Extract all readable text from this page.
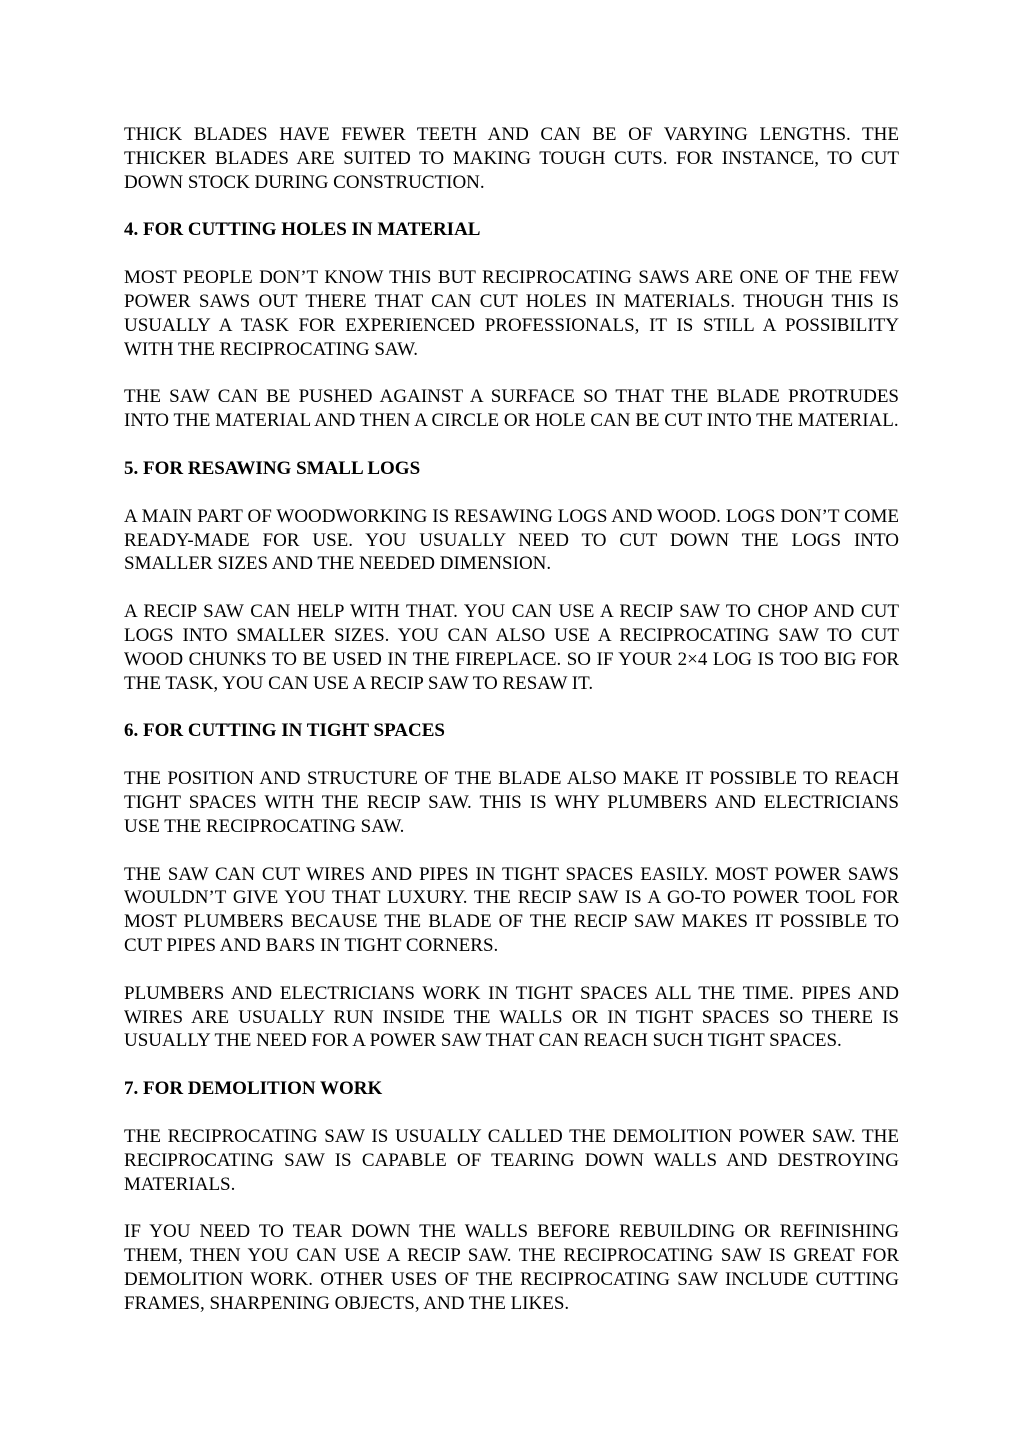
THICK BLADES HAVE FEWER TEETH AND CAN BE OF VARYING LENGTHS. THE THICKER BLADES ARE SUITED TO MAKING TOUGH CUTS. FOR INSTANCE, TO CUT DOWN STOCK DURING CONSTRUCTION.

4. FOR CUTTING HOLES IN MATERIAL

MOST PEOPLE DON’T KNOW THIS BUT RECIPROCATING SAWS ARE ONE OF THE FEW POWER SAWS OUT THERE THAT CAN CUT HOLES IN MATERIALS. THOUGH THIS IS USUALLY A TASK FOR EXPERIENCED PROFESSIONALS, IT IS STILL A POSSIBILITY WITH THE RECIPROCATING SAW.

THE SAW CAN BE PUSHED AGAINST A SURFACE SO THAT THE BLADE PROTRUDES INTO THE MATERIAL AND THEN A CIRCLE OR HOLE CAN BE CUT INTO THE MATERIAL.

5. FOR RESAWING SMALL LOGS

A MAIN PART OF WOODWORKING IS RESAWING LOGS AND WOOD. LOGS DON’T COME READY-MADE FOR USE. YOU USUALLY NEED TO CUT DOWN THE LOGS INTO SMALLER SIZES AND THE NEEDED DIMENSION.

A RECIP SAW CAN HELP WITH THAT. YOU CAN USE A RECIP SAW TO CHOP AND CUT LOGS INTO SMALLER SIZES. YOU CAN ALSO USE A RECIPROCATING SAW TO CUT WOOD CHUNKS TO BE USED IN THE FIREPLACE. SO IF YOUR 2×4 LOG IS TOO BIG FOR THE TASK, YOU CAN USE A RECIP SAW TO RESAW IT.

6. FOR CUTTING IN TIGHT SPACES

THE POSITION AND STRUCTURE OF THE BLADE ALSO MAKE IT POSSIBLE TO REACH TIGHT SPACES WITH THE RECIP SAW. THIS IS WHY PLUMBERS AND ELECTRICIANS USE THE RECIPROCATING SAW.

THE SAW CAN CUT WIRES AND PIPES IN TIGHT SPACES EASILY. MOST POWER SAWS WOULDN’T GIVE YOU THAT LUXURY. THE RECIP SAW IS A GO-TO POWER TOOL FOR MOST PLUMBERS BECAUSE THE BLADE OF THE RECIP SAW MAKES IT POSSIBLE TO CUT PIPES AND BARS IN TIGHT CORNERS.

PLUMBERS AND ELECTRICIANS WORK IN TIGHT SPACES ALL THE TIME. PIPES AND WIRES ARE USUALLY RUN INSIDE THE WALLS OR IN TIGHT SPACES SO THERE IS USUALLY THE NEED FOR A POWER SAW THAT CAN REACH SUCH TIGHT SPACES.

7. FOR DEMOLITION WORK

THE RECIPROCATING SAW IS USUALLY CALLED THE DEMOLITION POWER SAW. THE RECIPROCATING SAW IS CAPABLE OF TEARING DOWN WALLS AND DESTROYING MATERIALS.

IF YOU NEED TO TEAR DOWN THE WALLS BEFORE REBUILDING OR REFINISHING THEM, THEN YOU CAN USE A RECIP SAW. THE RECIPROCATING SAW IS GREAT FOR DEMOLITION WORK. OTHER USES OF THE RECIPROCATING SAW INCLUDE CUTTING FRAMES, SHARPENING OBJECTS, AND THE LIKES.
